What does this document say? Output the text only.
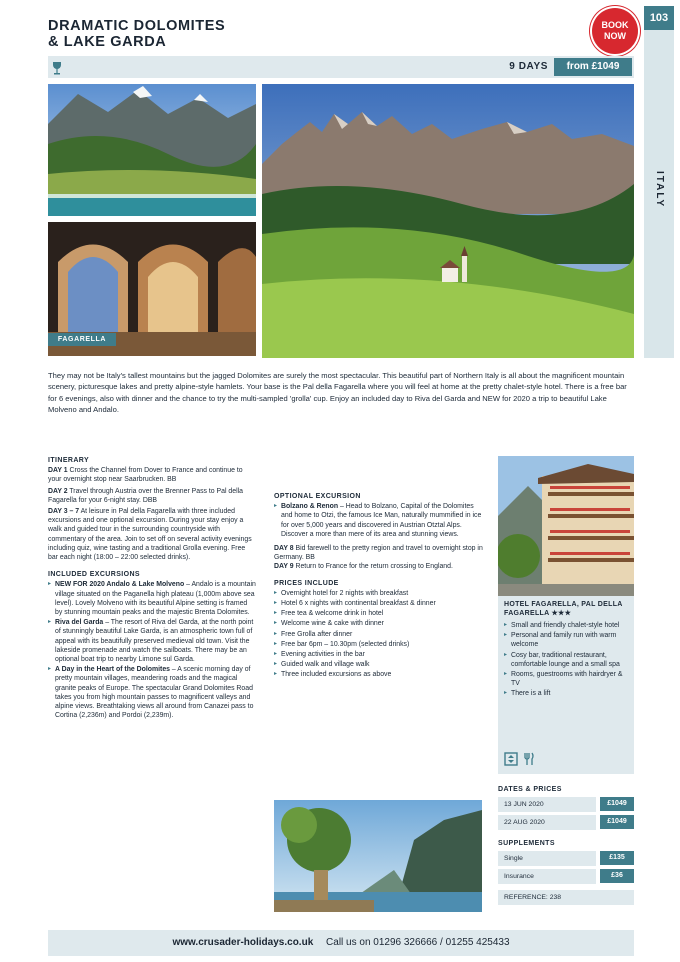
DRAMATIC DOLOMITES
& LAKE GARDA
BOOK
NOW
103
ITALY
9 DAYS	from £1049
FAGARELLA
They may not be Italy's tallest mountains but the jagged Dolomites are surely the most spectacular. This beautiful part of Northern Italy is all about the magnificent mountain scenery, picturesque lakes and pretty alpine-style hamlets. Your base is the Pal della Fagarella where you will feel at home at the pretty chalet-style hotel. There is a free bar for 6 evenings, also with dinner and the chance to try the multi-sampled 'grolla' cup. Enjoy an included day to Riva del Garda and NEW for 2020 a trip to beautiful Lake Molveno and Andalo.
ITINERARY

DAY 1 Cross the Channel from Dover to France and continue to your overnight stop near Saarbrucken. BB

DAY 2 Travel through Austria over the Brenner Pass to Pal della Fagarella for your 6-night stay. DBB

DAY 3 – 7 At leisure in Pal della Fagarella with three included excursions and one optional excursion. During your stay enjoy a walk and guided tour in the surrounding countryside with commentary of the area. Join to set off on several activity evenings including quiz, wine tasting and a traditional Grolla evening. Free bar each night (18:00 – 22:00 selected drinks).

INCLUDED EXCURSIONS
▸ NEW FOR 2020 Andalo & Lake Molveno – Andalo is a mountain village situated on the Paganella high plateau (1,000m above sea level). Lovely Molveno with its beautiful Alpine setting is framed by stunning mountain peaks and the majestic Brenta Dolomites.
▸ Riva del Garda – The resort of Riva del Garda, at the north point of stunningly beautiful Lake Garda, is an atmospheric town full of appeal with its beautifully preserved medieval old town. Visit the lakeside promenade and watch the sailboats. There may be an optional boat trip to nearby Limone sul Garda.
▸ A Day in the Heart of the Dolomites – A scenic morning day of pretty mountain villages, meandering roads and the magical granite peaks of Europe. The spectacular Grand Dolomites Road takes you from high mountain passes to magnificent valleys and alpine views. Breathtaking views all around from Canazei pass to Cortina (2,236m) and Pordoi (2,239m).
OPTIONAL EXCURSION
▸ Bolzano & Renon – Head to Bolzano, Capital of the Dolomites and home to Otzi, the famous Ice Man, naturally mummified in ice for over 5,000 years and discovered in Austrian Otztal Alps. Discover a more than mere of its area and stunning views.

DAY 8 Bid farewell to the pretty region and travel to overnight stop in Germany. BB

DAY 9 Return to France for the return crossing to England.

PRICES INCLUDE
▸ Overnight hotel for 2 nights with breakfast
▸ Hotel 6 x nights with continental breakfast & dinner
▸ Free tea & welcome drink in hotel
▸ Welcome wine & cake with dinner
▸ Free Grolla after dinner
▸ Free bar 6pm – 10.30pm (selected drinks)
▸ Evening activities in the bar
▸ Guided walk and village walk
▸ Three included excursions as above
HOTEL FAGARELLA, PAL DELLA FAGARELLA ★★★
▸ Small and friendly chalet-style hotel
▸ Personal and family run with warm welcome
▸ Cosy bar, traditional restaurant, comfortable lounge and a small spa
▸ Rooms, guestrooms with hairdryer & TV
▸ There is a lift
DATES & PRICES
13 JUN 2020	£1049
22 AUG 2020	£1049
SUPPLEMENTS
Single	£135
Insurance	£36
REFERENCE: 238
www.crusader-holidays.co.uk Call us on 01296 326666 / 01255 425433
